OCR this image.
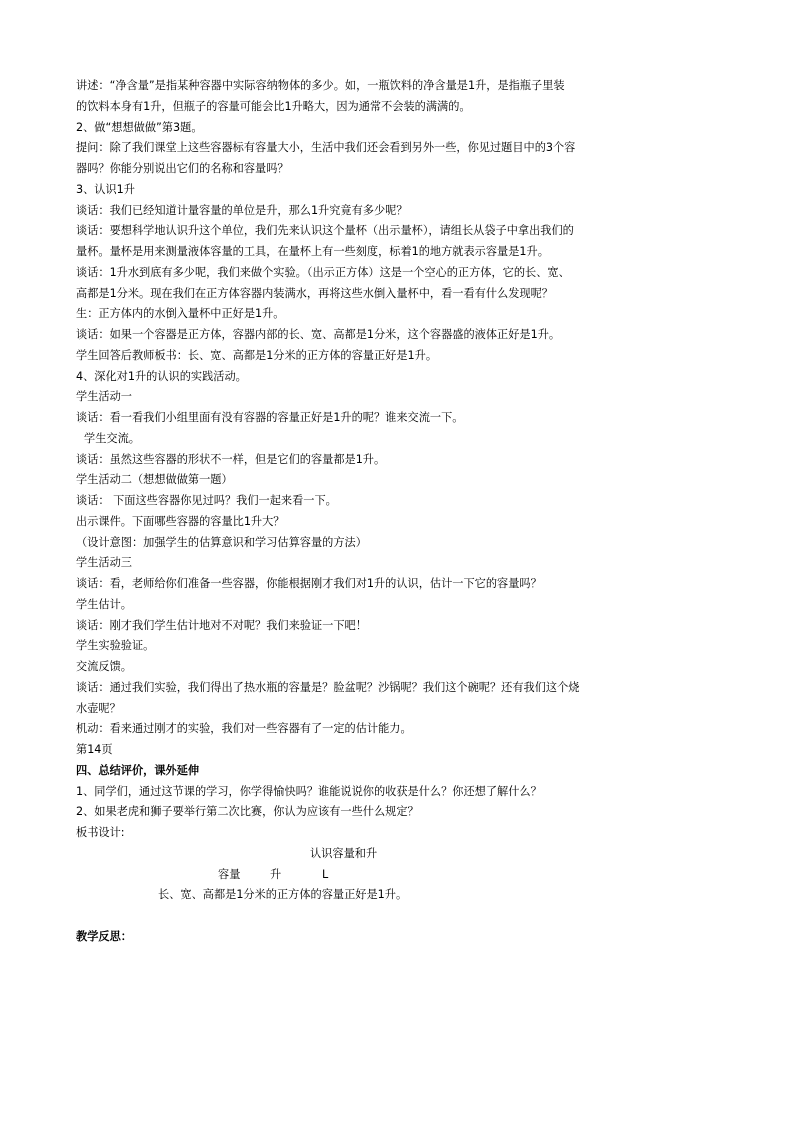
讲述：“净含量”是指某种容器中实际容纳物体的多少。如，一瓶饮料的净含量是1升，是指瓶子里装
的饮料本身有1升，但瓶子的容量可能会比1升略大，因为通常不会装的满满的。
2、做“想想做做”第3题。
提问：除了我们课堂上这些容器标有容量大小，生活中我们还会看到另外一些，你见过题目中的3个容
器吗？你能分别说出它们的名称和容量吗？
3、认识1升
谈话：我们已经知道计量容量的单位是升，那么1升究竟有多少呢？
谈话：要想科学地认识升这个单位，我们先来认识这个量杯（出示量杯），请组长从袋子中拿出我们的
量杯。量杯是用来测量液体容量的工具，在量杯上有一些刻度，标着1的地方就表示容量是1升。
谈话：1升水到底有多少呢，我们来做个实验。（出示正方体）这是一个空心的正方体，它的长、宽、
高都是1分米。现在我们在正方体容器内装满水，再将这些水倒入量杯中，看一看有什么发现呢？
生：正方体内的水倒入量杯中正好是1升。
谈话：如果一个容器是正方体，容器内部的长、宽、高都是1分米，这个容器盛的液体正好是1升。
学生回答后教师板书：长、宽、高都是1分米的正方体的容量正好是1升。
4、深化对1升的认识的实践活动。
学生活动一
谈话：看一看我们小组里面有没有容器的容量正好是1升的呢？谁来交流一下。
学生交流。
谈话：虽然这些容器的形状不一样，但是它们的容量都是1升。
学生活动二（想想做做第一题）
谈话： 下面这些容器你见过吗？我们一起来看一下。
出示课件。下面哪些容器的容量比1升大？
（设计意图：加强学生的估算意识和学习估算容量的方法）
学生活动三
谈话：看，老师给你们准备一些容器，你能根据刚才我们对1升的认识，估计一下它的容量吗？
学生估计。
谈话：刚才我们学生估计地对不对呢？我们来验证一下吧！
学生实验验证。
交流反馈。
谈话：通过我们实验，我们得出了热水瓶的容量是？脸盆呢？沙锅呢？我们这个碗呢？还有我们这个烧
水壶呢？
机动：看来通过刚才的实验，我们对一些容器有了一定的估计能力。
第14页
四、总结评价，课外延伸
1、同学们，通过这节课的学习，你学得愉快吗？谁能说说你的收获是什么？你还想了解什么？
2、如果老虎和狮子要举行第二次比赛，你认为应该有一些什么规定？
板书设计:
认识容量和升
容量	升	L
长、宽、高都是1分米的正方体的容量正好是1升。
教学反思：
